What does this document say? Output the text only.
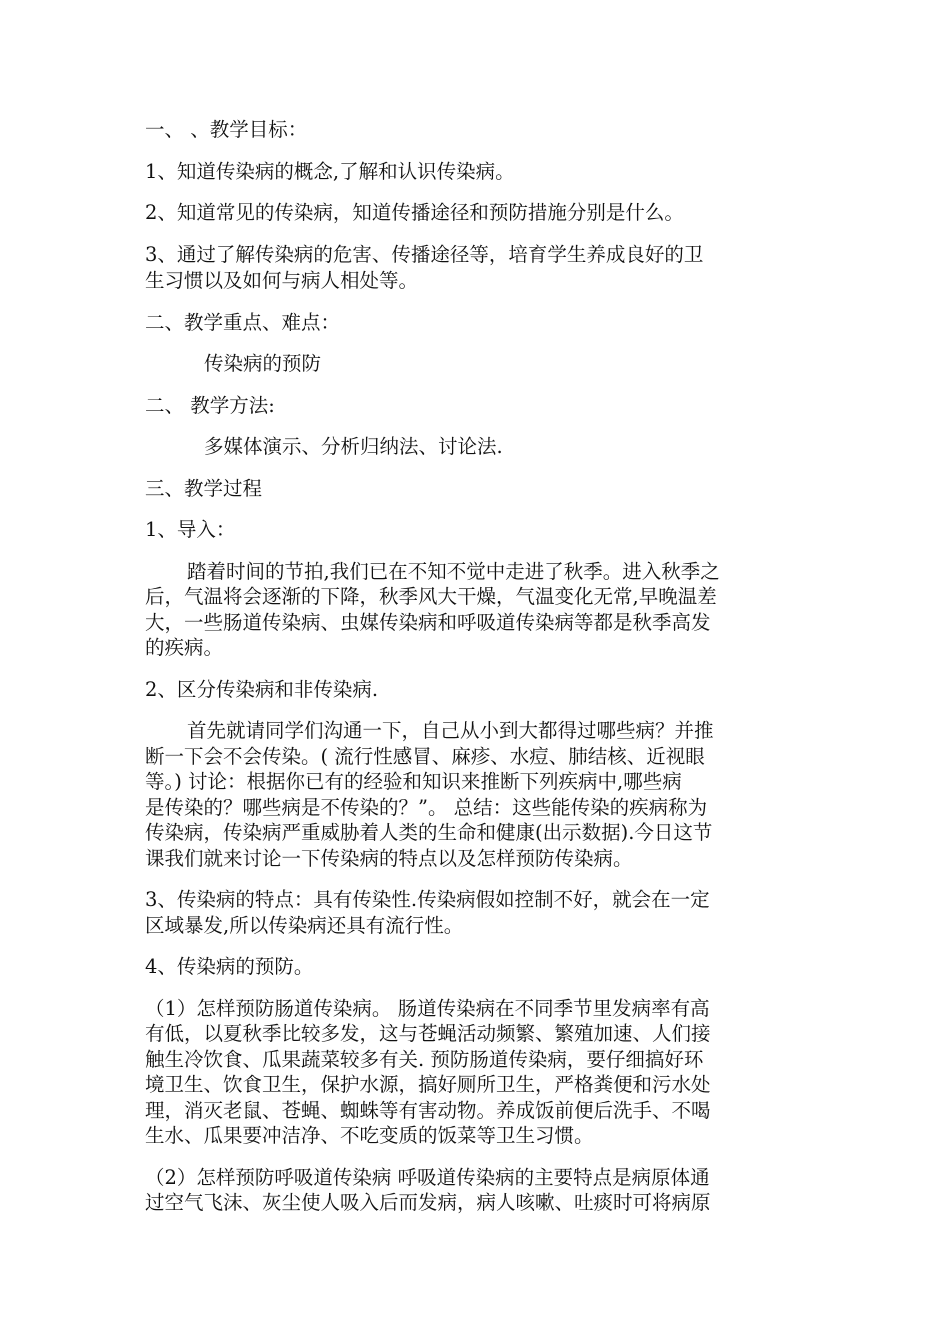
一、 、教学目标：
1、知道传染病的概念,了解和认识传染病。
2、知道常见的传染病，知道传播途径和预防措施分别是什么。
3、通过了解传染病的危害、传播途径等，培育学生养成良好的卫
生习惯以及如何与病人相处等。
二、教学重点、难点：
传染病的预防
二、 教学方法:
多媒体演示、分析归纳法、讨论法.
三、教学过程
1、导入：
踏着时间的节拍,我们已在不知不觉中走进了秋季。进入秋季之
后，气温将会逐渐的下降，秋季风大干燥，气温变化无常,早晚温差
大，一些肠道传染病、虫媒传染病和呼吸道传染病等都是秋季高发
的疾病。
2、区分传染病和非传染病.
首先就请同学们沟通一下，自己从小到大都得过哪些病？并推
断一下会不会传染。( 流行性感冒、麻疹、水痘、肺结核、近视眼
等。) 讨论：根据你已有的经验和知识来推断下列疾病中,哪些病
是传染的？哪些病是不传染的？”。 总结：这些能传染的疾病称为
传染病，传染病严重威胁着人类的生命和健康(出示数据).今日这节
课我们就来讨论一下传染病的特点以及怎样预防传染病。
3、传染病的特点：具有传染性.传染病假如控制不好，就会在一定
区域暴发,所以传染病还具有流行性。
4、传染病的预防。
（1）怎样预防肠道传染病。 肠道传染病在不同季节里发病率有高
有低，以夏秋季比较多发，这与苍蝇活动频繁、繁殖加速、人们接
触生冷饮食、瓜果蔬菜较多有关. 预防肠道传染病，要仔细搞好环
境卫生、饮食卫生，保护水源，搞好厕所卫生，严格粪便和污水处
理，消灭老鼠、苍蝇、蜘蛛等有害动物。养成饭前便后洗手、不喝
生水、瓜果要冲洁净、不吃变质的饭菜等卫生习惯。
（2）怎样预防呼吸道传染病 呼吸道传染病的主要特点是病原体通
过空气飞沫、灰尘使人吸入后而发病，病人咳嗽、吐痰时可将病原
